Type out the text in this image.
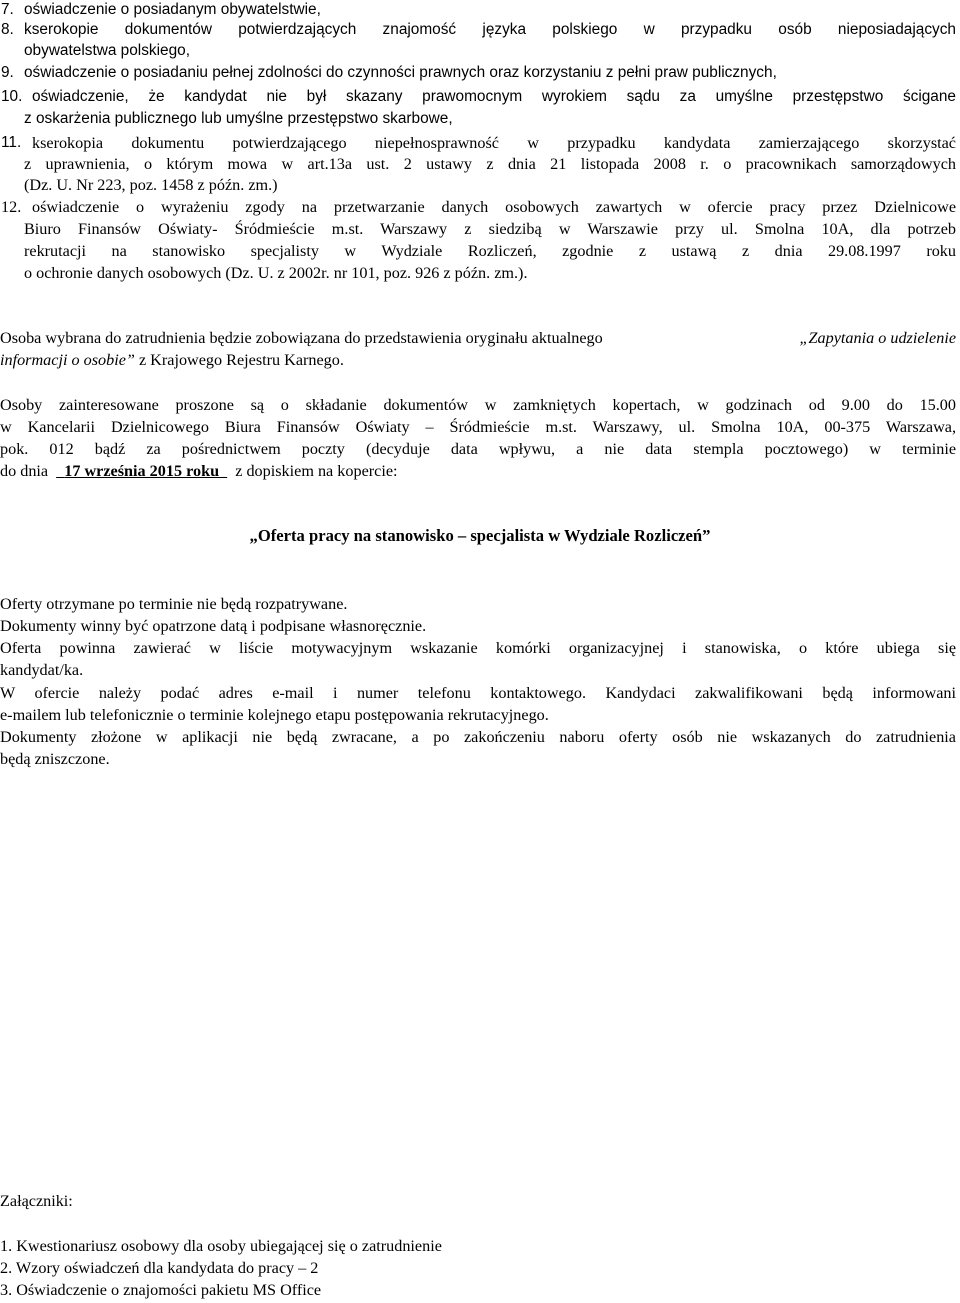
7. oświadczenie o posiadanym obywatelstwie,
8. kserokopie dokumentów potwierdzających znajomość języka polskiego w przypadku osób nieposiadających
obywatelstwa polskiego,
9. oświadczenie o posiadaniu pełnej zdolności do czynności prawnych oraz korzystaniu z pełni praw publicznych,
10. oświadczenie, że kandydat nie był skazany prawomocnym wyrokiem sądu za umyślne przestępstwo ścigane
z oskarżenia publicznego lub umyślne przestępstwo skarbowe,
11. kserokopia dokumentu potwierdzającego niepełnosprawność w przypadku kandydata zamierzającego skorzystać
z uprawnienia, o którym mowa w art.13a ust. 2 ustawy z dnia 21 listopada 2008 r. o pracownikach samorządowych
(Dz. U. Nr 223, poz. 1458 z późn. zm.)
12. oświadczenie o wyrażeniu zgody na przetwarzanie danych osobowych zawartych w ofercie pracy przez Dzielnicowe
Biuro Finansów Oświaty- Śródmieście m.st. Warszawy z siedzibą w Warszawie przy ul. Smolna 10A, dla potrzeb
rekrutacji na stanowisko specjalisty w Wydziale Rozliczeń, zgodnie z ustawą z dnia 29.08.1997 roku
o ochronie danych osobowych (Dz. U. z 2002r. nr 101, poz. 926 z późn. zm.).
Osoba wybrana do zatrudnienia będzie zobowiązana do przedstawienia oryginału aktualnego	„Zapytania o udzielenie
informacji o osobie” z Krajowego Rejestru Karnego.
Osoby zainteresowane proszone są o składanie dokumentów w zamkniętych kopertach, w godzinach od 9.00 do 15.00
w Kancelarii Dzielnicowego Biura Finansów Oświaty – Śródmieście m.st. Warszawy, ul. Smolna 10A, 00-375 Warszawa,
pok. 012 bądź za pośrednictwem poczty (decyduje data wpływu, a nie data stempla pocztowego) w terminie
do dnia 17 września 2015 roku z dopiskiem na kopercie:
„Oferta pracy na stanowisko – specjalista w Wydziale Rozliczeń”
Oferty otrzymane po terminie nie będą rozpatrywane.
Dokumenty winny być opatrzone datą i podpisane własnoręcznie.
Oferta powinna zawierać w liście motywacyjnym wskazanie komórki organizacyjnej i stanowiska, o które ubiega się
kandydat/ka.
W ofercie należy podać adres e-mail i numer telefonu kontaktowego. Kandydaci zakwalifikowani będą informowani
e-mailem lub telefonicznie o terminie kolejnego etapu postępowania rekrutacyjnego.
Dokumenty złożone w aplikacji nie będą zwracane, a po zakończeniu naboru oferty osób nie wskazanych do zatrudnienia
będą zniszczone.
Załączniki:
1. Kwestionariusz osobowy dla osoby ubiegającej się o zatrudnienie
2. Wzory oświadczeń dla kandydata do pracy – 2
3. Oświadczenie o znajomości pakietu MS Office
